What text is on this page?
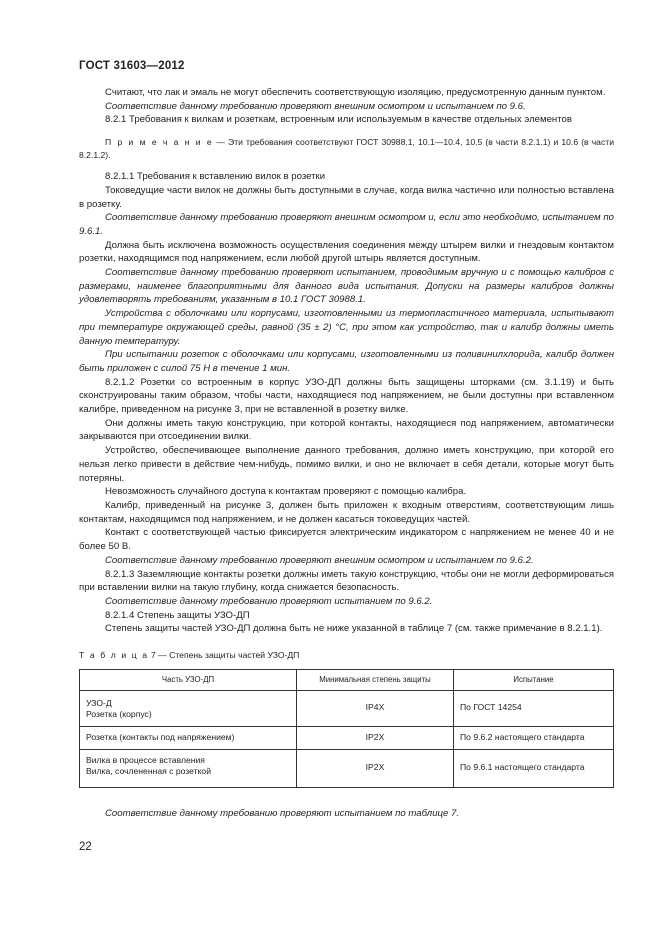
ГОСТ 31603—2012

Считают, что лак и эмаль не могут обеспечить соответствующую изоляцию, предусмотренную данным пунктом.

Соответствие данному требованию проверяют внешним осмотром и испытанием по 9.6.

8.2.1 Требования к вилкам и розеткам, встроенным или используемым в качестве отдельных элементов

П р и м е ч а н и е — Эти требования соответствуют ГОСТ 30988.1, 10.1—10.4, 10.5 (в части 8.2.1.1) и 10.6 (в части 8.2.1.2).

8.2.1.1 Требования к вставлению вилок в розетки

Токоведущие части вилок не должны быть доступными в случае, когда вилка частично или полностью вставлена в розетку.

Соответствие данному требованию проверяют внешним осмотром и, если это необходимо, испытанием по 9.6.1.

Должна быть исключена возможность осуществления соединения между штырем вилки и гнездовым контактом розетки, находящимся под напряжением, если любой другой штырь является доступным.

Соответствие данному требованию проверяют испытанием, проводимым вручную и с помощью калибров с размерами, наименее благоприятными для данного вида испытания. Допуски на размеры калибров должны удовлетворять требованиям, указанным в 10.1 ГОСТ 30988.1.

Устройства с оболочками или корпусами, изготовленными из термопластичного материала, испытывают при температуре окружающей среды, равной (35 ± 2) °С, при этом как устройство, так и калибр должны иметь данную температуру.

При испытании розеток с оболочками или корпусами, изготовленными из поливинилхлорида, калибр должен быть приложен с силой 75 Н в течение 1 мин.

8.2.1.2 Розетки со встроенным в корпус УЗО-ДП должны быть защищены шторками (см. 3.1.19) и быть сконструированы таким образом, чтобы части, находящиеся под напряжением, не были доступны при вставленном калибре, приведенном на рисунке 3, при не вставленной в розетку вилке.

Они должны иметь такую конструкцию, при которой контакты, находящиеся под напряжением, автоматически закрываются при отсоединении вилки.

Устройство, обеспечивающее выполнение данного требования, должно иметь конструкцию, при которой его нельзя легко привести в действие чем-нибудь, помимо вилки, и оно не включает в себя детали, которые могут быть потеряны.

Невозможность случайного доступа к контактам проверяют с помощью калибра.

Калибр, приведенный на рисунке 3, должен быть приложен к входным отверстиям, соответствующим лишь контактам, находящимся под напряжением, и не должен касаться токоведущих частей.

Контакт с соответствующей частью фиксируется электрическим индикатором с напряжением не менее 40 и не более 50 В.

Соответствие данному требованию проверяют внешним осмотром и испытанием по 9.6.2.

8.2.1.3 Заземляющие контакты розетки должны иметь такую конструкцию, чтобы они не могли деформироваться при вставлении вилки на такую глубину, когда снижается безопасность.

Соответствие данному требованию проверяют испытанием по 9.6.2.

8.2.1.4 Степень защиты УЗО-ДП

Степень защиты частей УЗО-ДП должна быть не ниже указанной в таблице 7 (см. также примечание в 8.2.1.1).

Т а б л и ц а 7 — Степень защиты частей УЗО-ДП
Часть УЗО-ДП	Минимальная степень защиты	Испытание

УЗО-Д
Розетка (корпус)	IP4X	По ГОСТ 14254

Розетка (контакты под напряжением)	IP2X	По 9.6.2 настоящего стандарта

Вилка в процессе вставления
Вилка, сочлененная с розеткой	IP2X	По 9.6.1 настоящего стандарта

Соответствие данному требованию проверяют испытанием по таблице 7.

22
